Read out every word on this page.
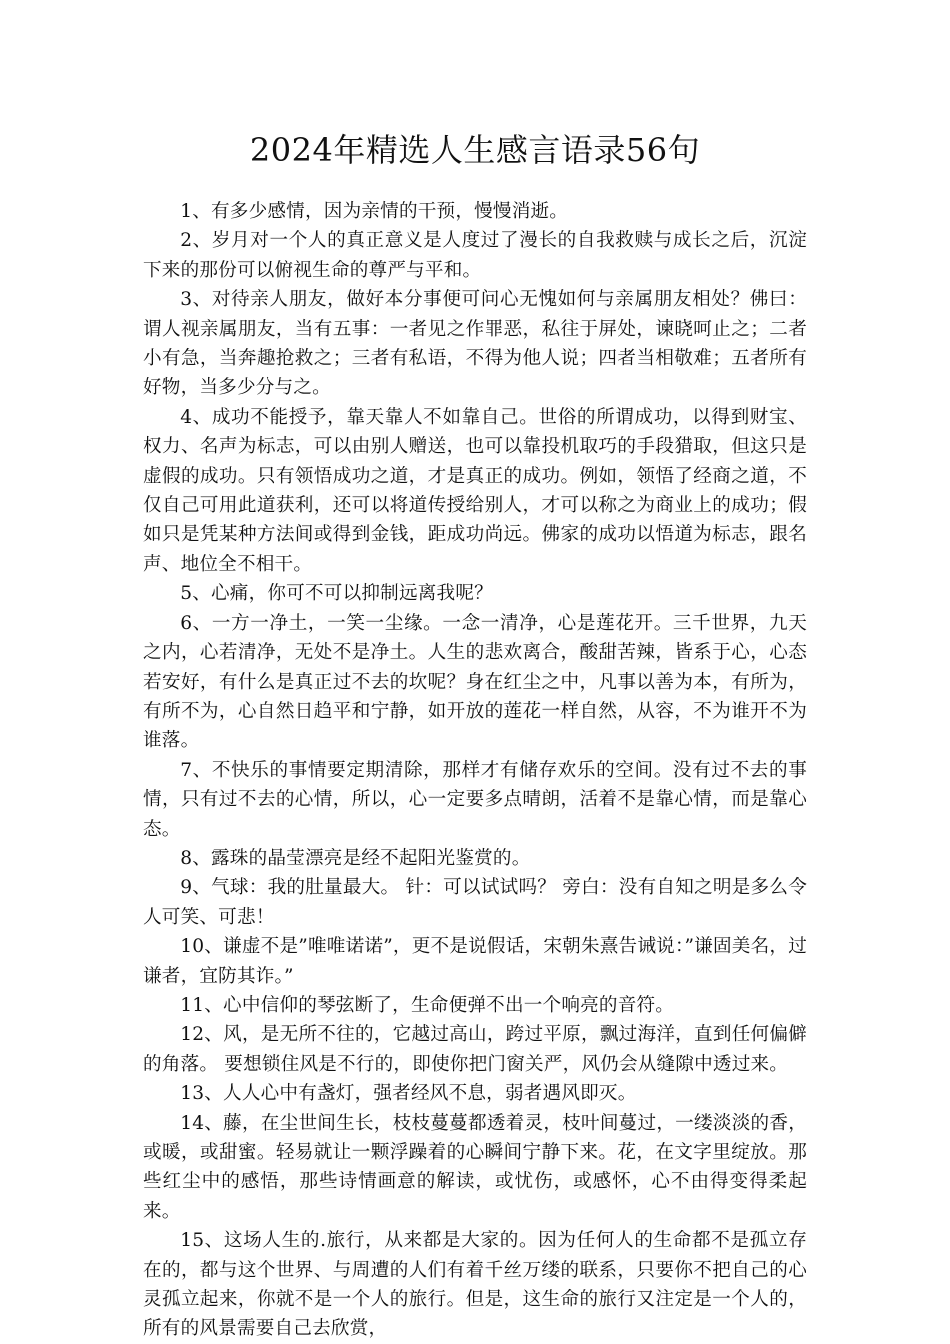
2024年精选人生感言语录56句

1、有多少感情，因为亲情的干预，慢慢消逝。

2、岁月对一个人的真正意义是人度过了漫长的自我救赎与成长之后，沉淀下来的那份可以俯视生命的尊严与平和。

3、对待亲人朋友，做好本分事便可问心无愧如何与亲属朋友相处？佛曰：谓人视亲属朋友，当有五事：一者见之作罪恶，私往于屏处，谏晓呵止之；二者小有急，当奔趣抢救之；三者有私语，不得为他人说；四者当相敬难；五者所有好物，当多少分与之。

4、成功不能授予，靠天靠人不如靠自己。世俗的所谓成功，以得到财宝、权力、名声为标志，可以由别人赠送，也可以靠投机取巧的手段猎取，但这只是虚假的成功。只有领悟成功之道，才是真正的成功。例如，领悟了经商之道，不仅自己可用此道获利，还可以将道传授给别人，才可以称之为商业上的成功；假如只是凭某种方法间或得到金钱，距成功尚远。佛家的成功以悟道为标志，跟名声、地位全不相干。

5、心痛，你可不可以抑制远离我呢？

6、一方一净土，一笑一尘缘。一念一清净，心是莲花开。三千世界，九天之内，心若清净，无处不是净土。人生的悲欢离合，酸甜苦辣，皆系于心，心态若安好，有什么是真正过不去的坎呢？身在红尘之中，凡事以善为本，有所为，有所不为，心自然日趋平和宁静，如开放的莲花一样自然，从容，不为谁开不为谁落。

7、不快乐的事情要定期清除，那样才有储存欢乐的空间。没有过不去的事情，只有过不去的心情，所以，心一定要多点晴朗，活着不是靠心情，而是靠心态。

8、露珠的晶莹漂亮是经不起阳光鉴赏的。

9、气球：我的肚量最大。 针：可以试试吗？ 旁白：没有自知之明是多么令人可笑、可悲！

10、谦虚不是”唯唯诺诺”，更不是说假话，宋朝朱熹告诫说：”谦固美名，过谦者，宜防其诈。”

11、心中信仰的琴弦断了，生命便弹不出一个响亮的音符。

12、风，是无所不往的，它越过高山，跨过平原，飘过海洋，直到任何偏僻的角落。 要想锁住风是不行的，即使你把门窗关严，风仍会从缝隙中透过来。

13、人人心中有盏灯，强者经风不息，弱者遇风即灭。

14、藤，在尘世间生长，枝枝蔓蔓都透着灵，枝叶间蔓过，一缕淡淡的香，或暖，或甜蜜。轻易就让一颗浮躁着的心瞬间宁静下来。花，在文字里绽放。那些红尘中的感悟，那些诗情画意的解读，或忧伤，或感怀，心不由得变得柔起来。

15、这场人生的.旅行，从来都是大家的。因为任何人的生命都不是孤立存在的，都与这个世界、与周遭的人们有着千丝万缕的联系，只要你不把自己的心灵孤立起来，你就不是一个人的旅行。但是，这生命的旅行又注定是一个人的，所有的风景需要自己去欣赏，
